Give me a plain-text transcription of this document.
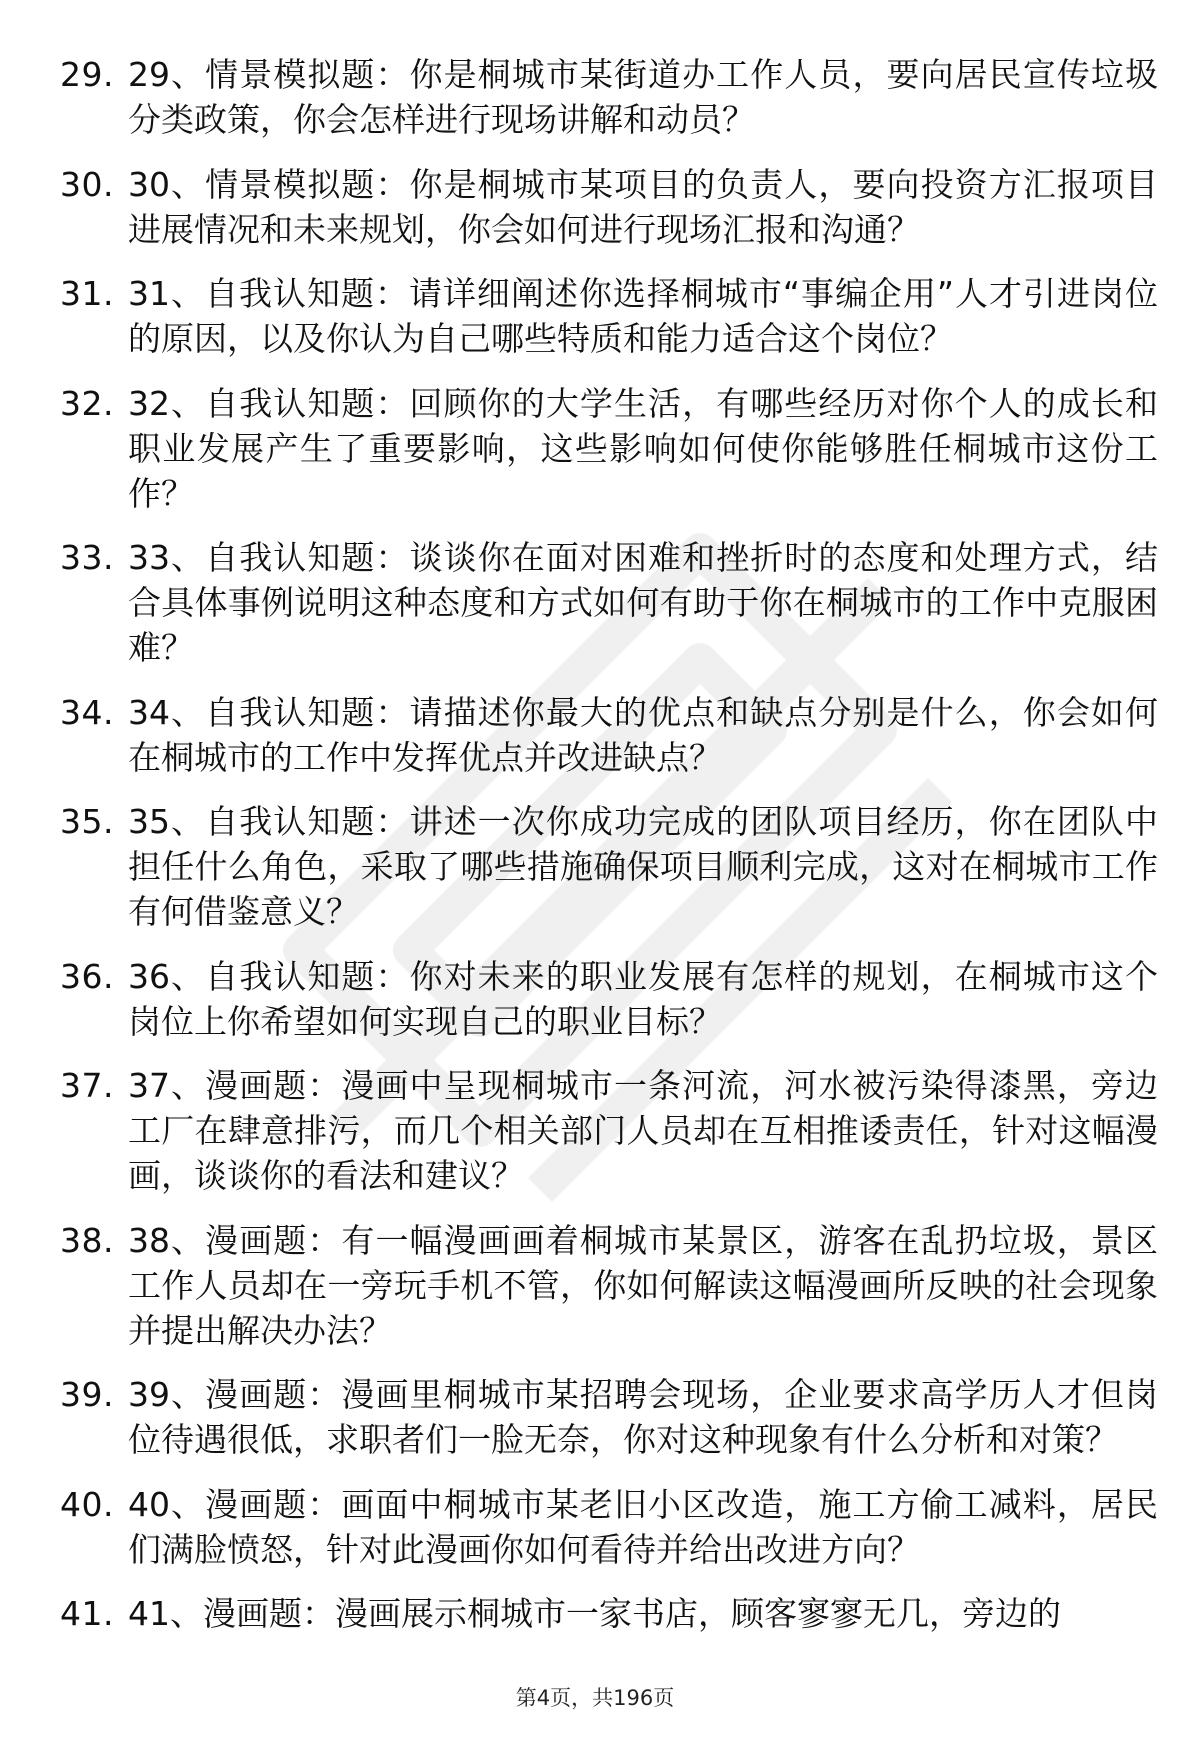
29. 29、情景模拟题：你是桐城市某街道办工作人员，要向居民宣传垃圾分类政策，你会怎样进行现场讲解和动员？
30. 30、情景模拟题：你是桐城市某项目的负责人，要向投资方汇报项目进展情况和未来规划，你会如何进行现场汇报和沟通？
31. 31、自我认知题：请详细阐述你选择桐城市“事编企用”人才引进岗位的原因，以及你认为自己哪些特质和能力适合这个岗位？
32. 32、自我认知题：回顾你的大学生活，有哪些经历对你个人的成长和职业发展产生了重要影响，这些影响如何使你能够胜任桐城市这份工作？
33. 33、自我认知题：谈谈你在面对困难和挫折时的态度和处理方式，结合具体事例说明这种态度和方式如何有助于你在桐城市的工作中克服困难？
34. 34、自我认知题：请描述你最大的优点和缺点分别是什么，你会如何在桐城市的工作中发挥优点并改进缺点？
35. 35、自我认知题：讲述一次你成功完成的团队项目经历，你在团队中担任什么角色，采取了哪些措施确保项目顺利完成，这对在桐城市工作有何借鉴意义？
36. 36、自我认知题：你对未来的职业发展有怎样的规划，在桐城市这个岗位上你希望如何实现自己的职业目标？
37. 37、漫画题：漫画中呈现桐城市一条河流，河水被污染得漆黑，旁边工厂在肆意排污，而几个相关部门人员却在互相推诿责任，针对这幅漫画，谈谈你的看法和建议？
38. 38、漫画题：有一幅漫画画着桐城市某景区，游客在乱扔垃圾，景区工作人员却在一旁玩手机不管，你如何解读这幅漫画所反映的社会现象并提出解决办法？
39. 39、漫画题：漫画里桐城市某招聘会现场，企业要求高学历人才但岗位待遇很低，求职者们一脸无奈，你对这种现象有什么分析和对策？
40. 40、漫画题：画面中桐城市某老旧小区改造，施工方偷工减料，居民们满脸愤怒，针对此漫画你如何看待并给出改进方向？
41. 41、漫画题：漫画展示桐城市一家书店，顾客寥寥无几，旁边的
第4页，共196页
